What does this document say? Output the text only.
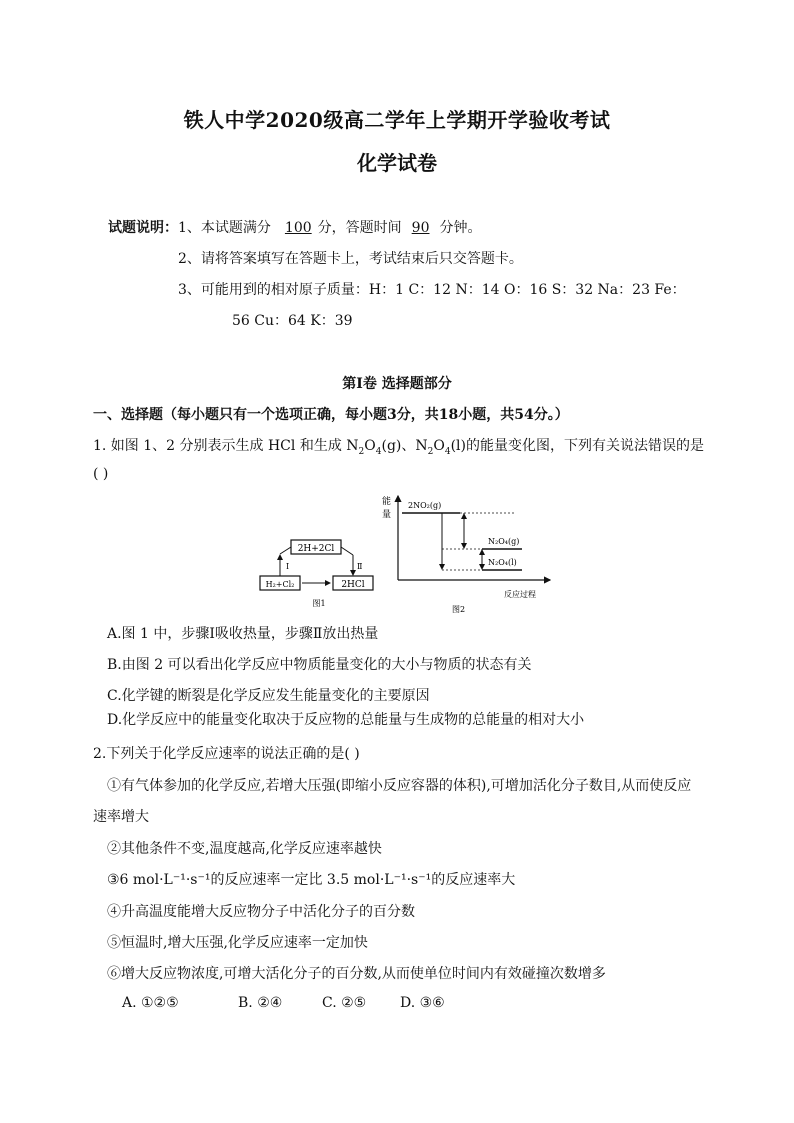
铁人中学2020级高二学年上学期开学验收考试
化学试卷
试题说明：1、本试题满分 100 分，答题时间 90 分钟。
2、请将答案填写在答题卡上，考试结束后只交答题卡。
3、可能用到的相对原子质量：H：1 C：12 N：14 O：16 S：32 Na：23 Fe：
56 Cu：64 K：39
第Ⅰ卷 选择题部分
一、选择题（每小题只有一个选项正确，每小题3分，共18小题，共54分。）
1. 如图 1、2 分别表示生成 HCl 和生成 $N_2O_4(g)$、$N_2O_4(l)$的能量变化图，下列有关说法错误的是
( )
2H+2Cl
H₂+Cl₂	2HCl
Ⅰ	Ⅱ
图1
能
量
反应过程
2NO₂(g)
N₂O₄(g)
N₂O₄(l)
图2
A.图 1 中，步骤Ⅰ吸收热量，步骤Ⅱ放出热量
B.由图 2 可以看出化学反应中物质能量变化的大小与物质的状态有关
C.化学键的断裂是化学反应发生能量变化的主要原因
D.化学反应中的能量变化取决于反应物的总能量与生成物的总能量的相对大小
2.下列关于化学反应速率的说法正确的是( )
①有气体参加的化学反应,若增大压强(即缩小反应容器的体积),可增加活化分子数目,从而使反应
速率增大
②其他条件不变,温度越高,化学反应速率越快
③6 mol·L⁻¹·s⁻¹的反应速率一定比 3.5 mol·L⁻¹·s⁻¹的反应速率大
④升高温度能增大反应物分子中活化分子的百分数
⑤恒温时,增大压强,化学反应速率一定加快
⑥增大反应物浓度,可增大活化分子的百分数,从而使单位时间内有效碰撞次数增多
A. ①②⑤	B. ②④	C. ②⑤ D. ③⑥
